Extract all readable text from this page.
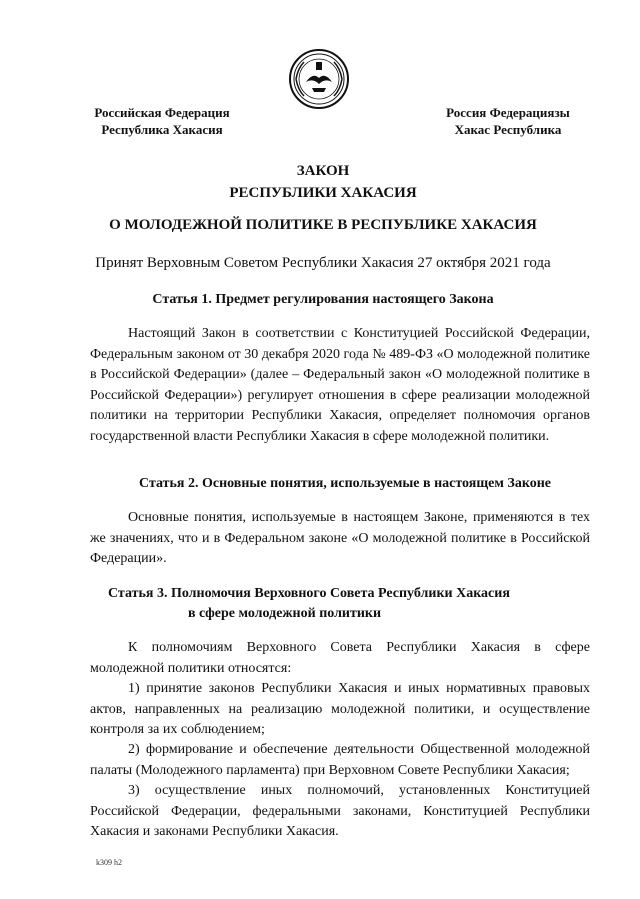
Российская Федерация
Республика Хакасия
Россия Федерациязы
Хакас Республика
ЗАКОН
РЕСПУБЛИКИ ХАКАСИЯ
О МОЛОДЕЖНОЙ ПОЛИТИКЕ В РЕСПУБЛИКЕ ХАКАСИЯ
Принят Верховным Советом Республики Хакасия 27 октября 2021 года
Статья 1. Предмет регулирования настоящего Закона
Настоящий Закон в соответствии с Конституцией Российской Федерации, Федеральным законом от 30 декабря 2020 года № 489-ФЗ «О молодежной политике в Российской Федерации» (далее – Федеральный закон «О молодежной политике в Российской Федерации») регулирует отношения в сфере реализации молодежной политики на территории Республики Хакасия, определяет полномочия органов государственной власти Республики Хакасия в сфере молодежной политики.
Статья 2. Основные понятия, используемые в настоящем Законе
Основные понятия, используемые в настоящем Законе, применяются в тех же значениях, что и в Федеральном законе «О молодежной политике в Российской Федерации».
Статья 3. Полномочия Верховного Совета Республики Хакасия
в сфере молодежной политики
К полномочиям Верховного Совета Республики Хакасия в сфере молодежной политики относятся:
1) принятие законов Республики Хакасия и иных нормативных правовых актов, направленных на реализацию молодежной политики, и осуществление контроля за их соблюдением;
2) формирование и обеспечение деятельности Общественной молодежной палаты (Молодежного парламента) при Верховном Совете Республики Хакасия;
3) осуществление иных полномочий, установленных Конституцией Российской Федерации, федеральными законами, Конституцией Республики Хакасия и законами Республики Хакасия.
k309 h2
